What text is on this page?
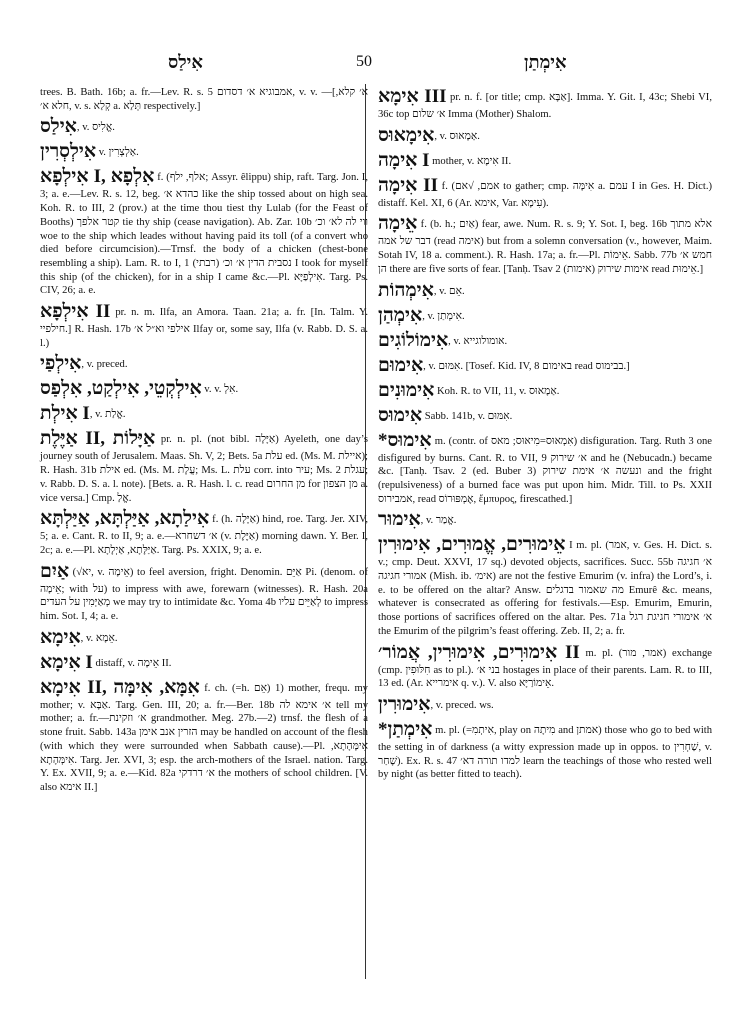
אִילַס	50	אִימְתַן

trees. B. Bath. 16b; a. fr.—Lev. R. s. 5 אמבוגיא א׳ דסדום, v. v. —[א׳ קלא, חלא א׳, v. s. קְלַא a. תְּלַא respectively.]

אִילַס, v. אֱלִיס.

אִילְסְרִין v. אַלְצְרִין.

אִילְפָא I, אִלְפָא f. (אלף, ילף; Assyr. êlippu) ship, raft. Targ. Jon. I, 3; a. e.—Lev. R. s. 12, beg. כהדא א׳ like the ship tossed about on high sea. Koh. R. to III, 2 (prov.) at the time thou tiest thy Lulab (for the Feast of Booths) קטר אלפך tie thy ship (cease navigation). Ab. Zar. 10b ווי לה לא׳ וכ׳ woe to the ship which leades without having paid its toll (of a convert who died before circumcision).—Trnsf. the body of a chicken (chest-bone resembling a ship). Lam. R. to I, 1 נסבית הדין א׳ וכ׳ (רבתי) I took for myself this ship (of the chicken), for in a ship I came &c.—Pl. אִילְפַיָּא. Targ. Ps. CIV, 26; a. e.

אִילְפָא II pr. n. m. Ilfa, an Amora. Taan. 21a; a. fr. [In. Talm. Y. חילפיי.] R. Hash. 17b אילפי וא״ל א׳ Ilfay or, some say, Ilfa (v. Rabb. D. S. a. l.)

אִילְפַי, v. preced.

אִילְקְטֵי, אִילְקַט, אִלְפַס v. v. אִלְ.

אִילְת I, v. אֱלַת.

אַיֶּלֶת II, אַיָּלוֹת pr. n. pl. (not bibl. אַיָּלָה) Ayeleth, one day’s journey south of Jerusalem. Maas. Sh. V, 2; Bets. 5a עלת ed. (Ms. M. איילת); R. Hash. 31b אילת ed. (Ms. M. עֲלָת; Ms. L. עלת corr. into עיר; Ms. 2 עגלת; v. Rabb. D. S. a. l. note). [Bets. a. R. Hash. l. c. read מן החרום for מן הצפון a. vice versa.] Cmp. אֱלַ.

אִילַתָא, אַיַּלְתָּא, אַיַּלְתָּא f. (h. אַיָּלָה) hind, roe. Targ. Jer. XIV, 5; a. e. Cant. R. to II, 9; a. e.—א׳ דשחרא (v. אַיֶּלֶת) morning dawn. Y. Ber. I, 2c; a. e.—Pl. אַיַּלָּתָא, אַיְלָתָא. Targ. Ps. XXIX, 9; a. e.

אַיִם (√יא, v. אֵימָה) to feel aversion, fright. Denomin. אַיֵּם Pi. (denom. of אֵימָה; with על) to impress with awe, forewarn (witnesses). R. Hash. 20a מְאַיְּמִין על העדים we may try to intimidate &c. Yoma 4b לְאַיֵּים עליו to impress him. Sot. I, 4; a. e.

אִימָא, v. אֵמָא.

אִימָא I distaff, v. אֵימָה II.

אִימָא II, אִמָּא, אִימָּה f. ch. (=h. אֵם) 1) mother, frequ. my mother; v. אַבָּא. Targ. Gen. III, 20; a. fr.—Ber. 18b א׳ אימא לה tell my mother; a. fr.—א׳ וזקינת grandmother. Meg. 27b.—2) trnsf. the flesh of a stone fruit. Sabb. 143a הזרין אנב אימן may be handled on account of the flesh (with which they were surrounded when Sabbath cause).—Pl. אִימָּהָתָא, אִימְּהָתָא. Targ. Jer. XVI, 3; esp. the arch-mothers of the Israel. nation. Targ. Y. Ex. XVII, 9; a. e.—Kid. 82a א׳ דרדקי the mothers of school children. [V. also אימא II.]

אִימָא III pr. n. f. [or title; cmp. אַבָּא]. Imma. Y. Git. I, 43c; Shebi VI, 36c top א׳ שלום Imma (Mother) Shalom.

אִימָאוּס, v. אַמָאוּס.

אִימָה I mother, v. אִימָא II.

אִימָה II f. (אמם, √אם to gather; cmp. אִימָּה a. עמם I in Ges. H. Dict.) distaff. Kel. XI, 6 (Ar. אימא, Var. עִימָא).

אֵימָה f. (b. h.; אַיִם) fear, awe. Num. R. s. 9; Y. Sot. I, beg. 16b אלא מתוך דבר של אמה (read אימה) but from a solemn conversation (v., however, Maim. Sotah IV, 18 a. comment.). R. Hash. 17a; a. fr.—Pl. אֵימוֹת. Sabb. 77b חמש א׳ הן there are five sorts of fear. [Tanḥ. Tsav 2 (אימות) אימות שירוק read אֵימוּת.]

אִימְהוֹת, v. אֵם.

אִימְהַן, v. אִימְתַן.

אִימוֹלוֹגִים, v. אומולוגייא.

אִימוּם, v. אִמּוּם. [Tosef. Kid. IV, 8 באימום read בבימוס.]

אִימוּנִים Koh. R. to VII, 11, v. אַמָאוּס.

אִימוּס Sabb. 141b, v. אִמּוּם.

*אִימוּס m. (contr. of אִמְאוּס=מִיאוּס; מאס) disfiguration. Targ. Ruth 3 one disfigured by burns. Cant. R. to VII, 9 א׳ שירוק and he (Nebucadn.) became &c. [Tanḥ. Tsav. 2 (ed. Buber 3) ונעשה א׳ אימת שירוק and the fright (repulsiveness) of a burned face was put upon him. Midr. Till. to Ps. XXII אמבירוס, read אֶמְפּוּרוֹס, ἔμπυρος, firescathed.]

אִימוּר, v. אֱמַר.

אֵימוּרִים, אֱמוּרִים, אִימוּרִין I m. pl. (אמר, v. Ges. H. Dict. s. v.; cmp. Deut. XXVI, 17 sq.) devoted objects, sacrifices. Succ. 55b א׳ חגיגה אמורי חגיגה (Mish. ib. אימ׳) are not the festive Emurim (v. infra) the Lord’s, i. e. to be offered on the altar? Answ. מה שאמור בדגלים Emurê &c. means, whatever is consecrated as offering for festivals.—Esp. Emurim, Emurin, those portions of sacrifices offered on the altar. Pes. 71a א׳ אימורי חגיגת רגל the Emurim of the pilgrim’s feast offering. Zeb. II, 2; a. fr.

אִימוּרִים, אִימוּרִין, אֲמוֹר׳ II m. pl. (אמר, מור) exchange (cmp. חִלּוּפִין as to pl.). בני א׳ hostages in place of their parents. Lam. R. to III, 13 ed. (Ar. אימרייא q. v.). V. also אֵימוֹרַיָּא.

אִימוּרִין, v. preced. ws.

*אִימְתַן m. pl. (=אִיתְמִ, play on מִיתָה and אמתן) those who go to bed with the setting in of darkness (a witty expression made up in oppos. to שַׁחְרִין, v. שָׁחַר). Ex. R. s. 47 למדו תורה דא׳ learn the teachings of those who rested well by night (as better fitted to teach).
